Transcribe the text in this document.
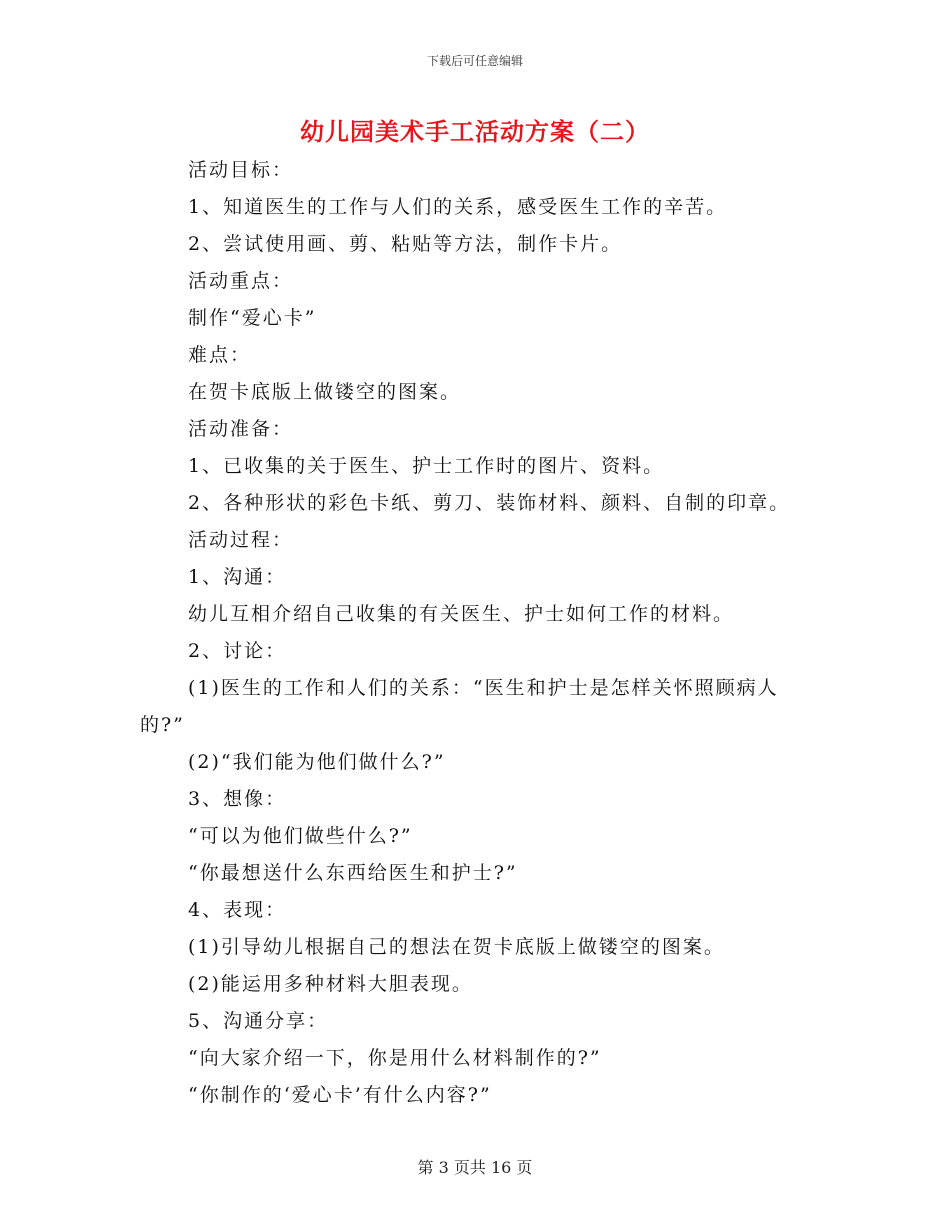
下载后可任意编辑
幼儿园美术手工活动方案（二）
活动目标：
1、知道医生的工作与人们的关系，感受医生工作的辛苦。
2、尝试使用画、剪、粘贴等方法，制作卡片。
活动重点：
制作“爱心卡”
难点：
在贺卡底版上做镂空的图案。
活动准备：
1、已收集的关于医生、护士工作时的图片、资料。
2、各种形状的彩色卡纸、剪刀、装饰材料、颜料、自制的印章。
活动过程：
1、沟通：
幼儿互相介绍自己收集的有关医生、护士如何工作的材料。
2、讨论：
(1)医生的工作和人们的关系：“医生和护士是怎样关怀照顾病人
的?”
(2)“我们能为他们做什么?”
3、想像：
“可以为他们做些什么?”
“你最想送什么东西给医生和护士?”
4、表现：
(1)引导幼儿根据自己的想法在贺卡底版上做镂空的图案。
(2)能运用多种材料大胆表现。
5、沟通分享：
“向大家介绍一下，你是用什么材料制作的?”
“你制作的‘爱心卡’有什么内容?”
第 3 页共 16 页
